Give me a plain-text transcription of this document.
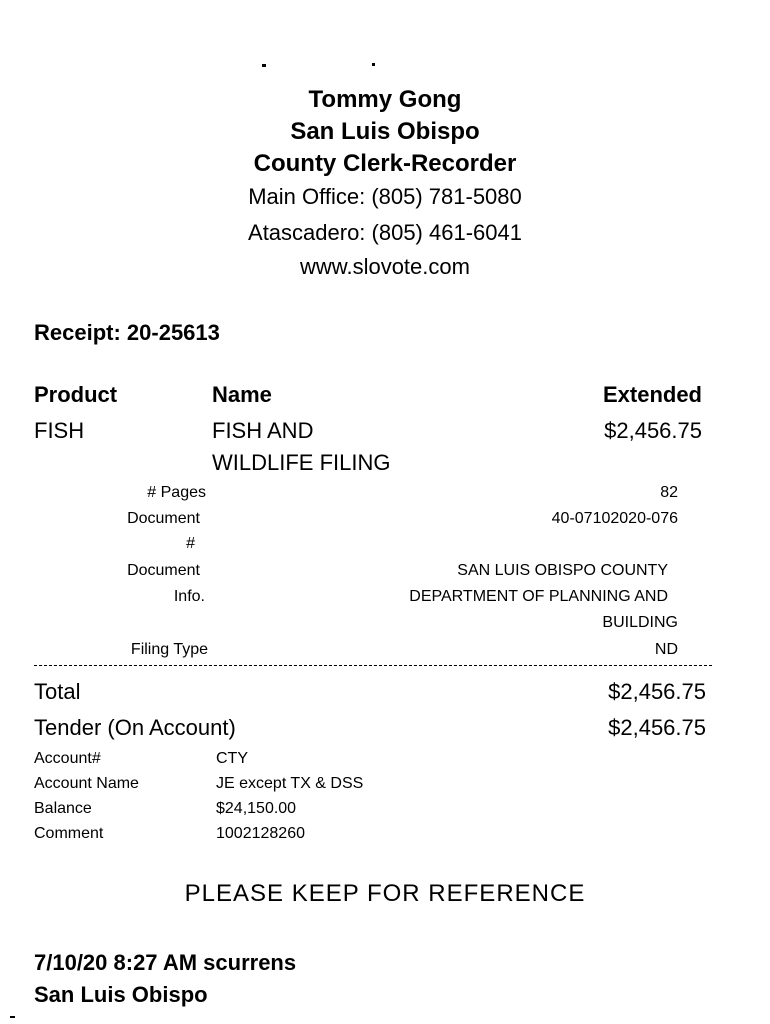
Tommy Gong
San Luis Obispo
County Clerk-Recorder
Main Office: (805) 781-5080
Atascadero: (805) 461-6041
www.slovote.com
Receipt: 20-25613
Product	Name	Extended
FISH	FISH AND	$2,456.75
WILDLIFE FILING
# Pages	82
Document	40-07102020-076
#
Document	SAN LUIS OBISPO COUNTY
Info.	DEPARTMENT OF PLANNING AND
BUILDING
Filing Type	ND
Total	$2,456.75
Tender (On Account)	$2,456.75
Account#	CTY
Account Name	JE except TX & DSS
Balance	$24,150.00
Comment	1002128260
PLEASE KEEP FOR REFERENCE
7/10/20 8:27 AM scurrens
San Luis Obispo
